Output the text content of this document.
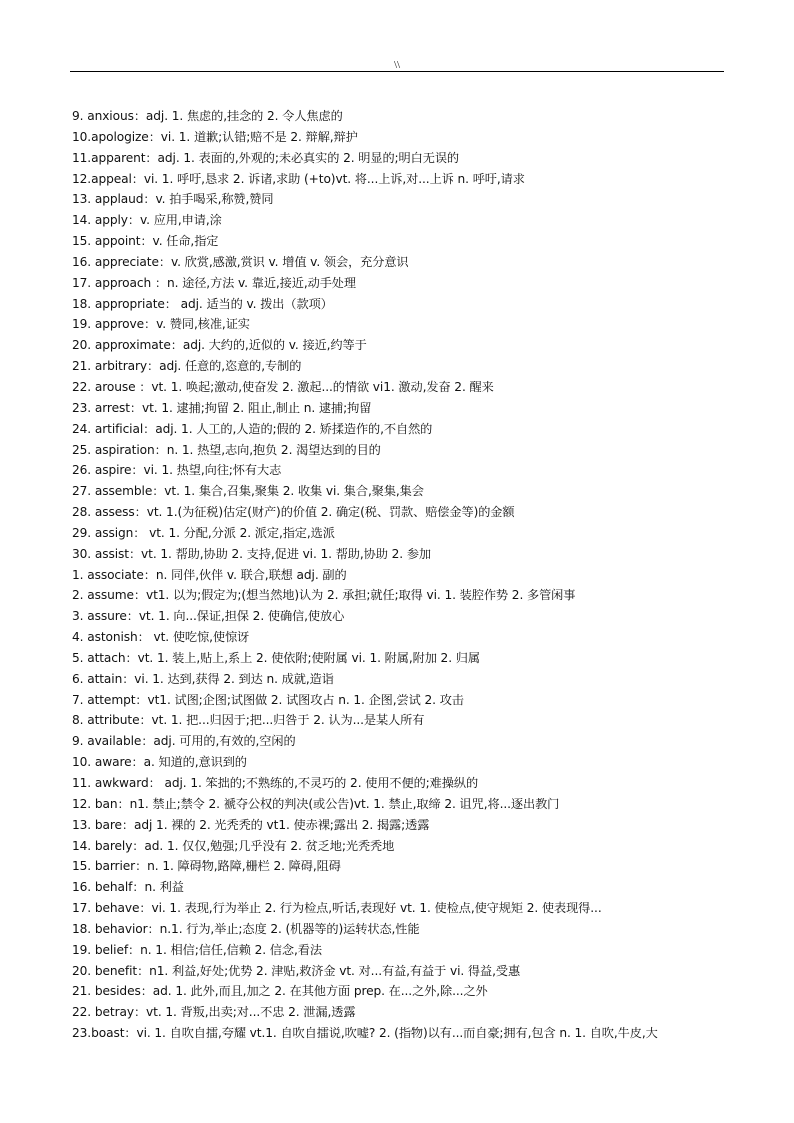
\\
9. anxious：adj. 1. 焦虑的,挂念的 2. 令人焦虑的
10.apologize：vi. 1. 道歉;认错;赔不是 2. 辩解,辩护
11.apparent：adj. 1. 表面的,外观的;未必真实的 2. 明显的;明白无误的
12.appeal：vi. 1. 呼吁,恳求 2. 诉诸,求助 (+to)vt. 将...上诉,对...上诉 n. 呼吁,请求
13. applaud：v. 拍手喝采,称赞,赞同
14. apply：v. 应用,申请,涂
15. appoint：v. 任命,指定
16. appreciate：v. 欣赏,感激,赏识 v. 增值 v. 领会，充分意识
17. approach ：n. 途径,方法 v. 靠近,接近,动手处理
18. appropriate： adj. 适当的 v. 拨出（款项）
19. approve：v. 赞同,核准,证实
20. approximate：adj. 大约的,近似的 v. 接近,约等于
21. arbitrary：adj. 任意的,恣意的,专制的
22. arouse ：vt. 1. 唤起;激动,使奋发 2. 激起...的情欲 vi1. 激动,发奋 2. 醒来
23. arrest：vt. 1. 逮捕;拘留 2. 阻止,制止 n. 逮捕;拘留
24. artificial：adj. 1. 人工的,人造的;假的 2. 矫揉造作的,不自然的
25. aspiration：n. 1. 热望,志向,抱负 2. 渴望达到的目的
26. aspire：vi. 1. 热望,向往;怀有大志
27. assemble：vt. 1. 集合,召集,聚集 2. 收集 vi. 集合,聚集,集会
28. assess：vt. 1.(为征税)估定(财产)的价值 2. 确定(税、罚款、赔偿金等)的金额
29. assign： vt. 1. 分配,分派 2. 派定,指定,选派
30. assist：vt. 1. 帮助,协助 2. 支持,促进 vi. 1. 帮助,协助 2. 参加
1. associate：n. 同伴,伙伴 v. 联合,联想 adj. 副的
2. assume：vt1. 以为;假定为;(想当然地)认为 2. 承担;就任;取得 vi. 1. 装腔作势 2. 多管闲事
3. assure：vt. 1. 向...保证,担保 2. 使确信,使放心
4. astonish： vt. 使吃惊,使惊讶
5. attach：vt. 1. 装上,贴上,系上 2. 使依附;使附属 vi. 1. 附属,附加 2. 归属
6. attain：vi. 1. 达到,获得 2. 到达 n. 成就,造诣
7. attempt：vt1. 试图;企图;试图做 2. 试图攻占 n. 1. 企图,尝试 2. 攻击
8. attribute：vt. 1. 把...归因于;把...归咎于 2. 认为...是某人所有
9. available：adj. 可用的,有效的,空闲的
10. aware：a. 知道的,意识到的
11. awkward： adj. 1. 笨拙的;不熟练的,不灵巧的 2. 使用不便的;难操纵的
12. ban：n1. 禁止;禁令 2. 褫夺公权的判决(或公告)vt. 1. 禁止,取缔 2. 诅咒,将...逐出教门
13. bare：adj 1. 裸的 2. 光秃秃的 vt1. 使赤裸;露出 2. 揭露;透露
14. barely：ad. 1. 仅仅,勉强;几乎没有 2. 贫乏地;光秃秃地
15. barrier：n. 1. 障碍物,路障,栅栏 2. 障碍,阻碍
16. behalf：n. 利益
17. behave：vi. 1. 表现,行为举止 2. 行为检点,听话,表现好 vt. 1. 使检点,使守规矩 2. 使表现得...
18. behavior：n.1. 行为,举止;态度 2. (机器等的)运转状态,性能
19. belief：n. 1. 相信;信任,信赖 2. 信念,看法
20. benefit：n1. 利益,好处;优势 2. 津贴,救济金 vt. 对...有益,有益于 vi. 得益,受惠
21. besides：ad. 1. 此外,而且,加之 2. 在其他方面 prep. 在...之外,除...之外
22. betray：vt. 1. 背叛,出卖;对...不忠 2. 泄漏,透露
23.boast：vi. 1. 自吹自擂,夸耀 vt.1. 自吹自擂说,吹嘘? 2. (指物)以有...而自豪;拥有,包含 n. 1. 自吹,牛皮,大
